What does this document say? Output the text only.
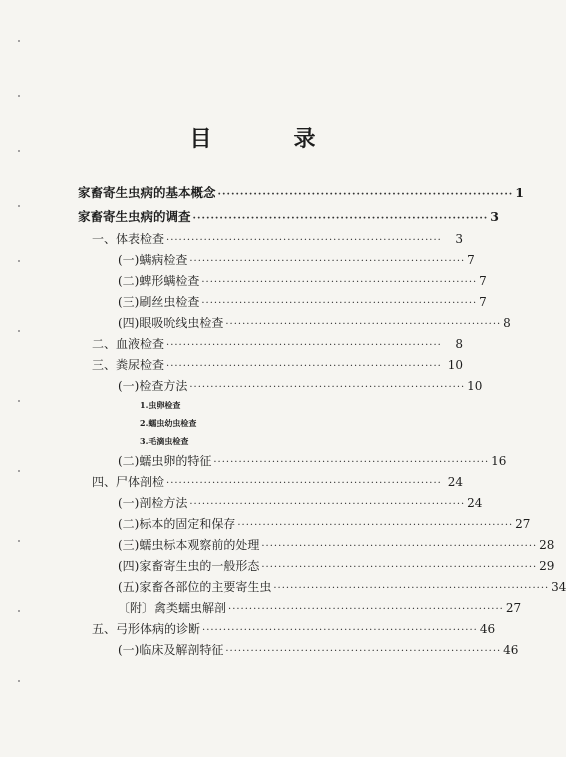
目　录
家畜寄生虫病的基本概念 ·································································· 1
家畜寄生虫病的调查 ·································································· 3
一、体表检查 ··································································	3
(一)螨病检查 ·································································· 7
(二)蜱形螨检查 ·································································· 7
(三)刷丝虫检查 ·································································· 7
(四)眼吸吮线虫检查 ·································································· 8
二、血液检查 ··································································	8
三、粪尿检查 ·································································· 10
(一)检查方法 ·································································· 10
1.虫卵检查
2.蠕虫幼虫检查
3.毛滴虫检查
(二)蠕虫卵的特征 ·································································· 16
四、尸体剖检 ·································································· 24
(一)剖检方法 ·································································· 24
(二)标本的固定和保存 ·································································· 27
(三)蠕虫标本观察前的处理 ·································································· 28
(四)家畜寄生虫的一般形态 ·································································· 29
(五)家畜各部位的主要寄生虫 ·································································· 34
〔附〕禽类蠕虫解剖 ·································································· 27
五、弓形体病的诊断 ·································································· 46
(一)临床及解剖特征 ·································································· 46
